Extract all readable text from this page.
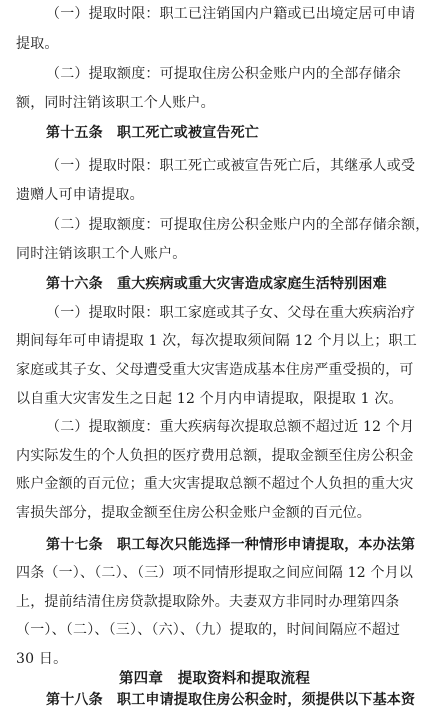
（一）提取时限：职工已注销国内户籍或已出境定居可申请
提取。
（二）提取额度：可提取住房公积金账户内的全部存储余
额，同时注销该职工个人账户。
第十五条　职工死亡或被宣告死亡
（一）提取时限：职工死亡或被宣告死亡后，其继承人或受
遗赠人可申请提取。
（二）提取额度：可提取住房公积金账户内的全部存储余额，
同时注销该职工个人账户。
第十六条　重大疾病或重大灾害造成家庭生活特别困难
（一）提取时限：职工家庭或其子女、父母在重大疾病治疗
期间每年可申请提取 1 次，每次提取须间隔 12 个月以上；职工
家庭或其子女、父母遭受重大灾害造成基本住房严重受损的，可
以自重大灾害发生之日起 12 个月内申请提取，限提取 1 次。
（二）提取额度：重大疾病每次提取总额不超过近 12 个月
内实际发生的个人负担的医疗费用总额，提取金额至住房公积金
账户金额的百元位；重大灾害提取总额不超过个人负担的重大灾
害损失部分，提取金额至住房公积金账户金额的百元位。
第十七条　职工每次只能选择一种情形申请提取，本办法第
四条（一）、（二）、（三）项不同情形提取之间应间隔 12 个月以
上，提前结清住房贷款提取除外。夫妻双方非同时办理第四条
（一）、（二）、（三）、（六）、（九）提取的，时间间隔应不超过
30 日。
第四章　提取资料和提取流程
第十八条　职工申请提取住房公积金时，须提供以下基本资
